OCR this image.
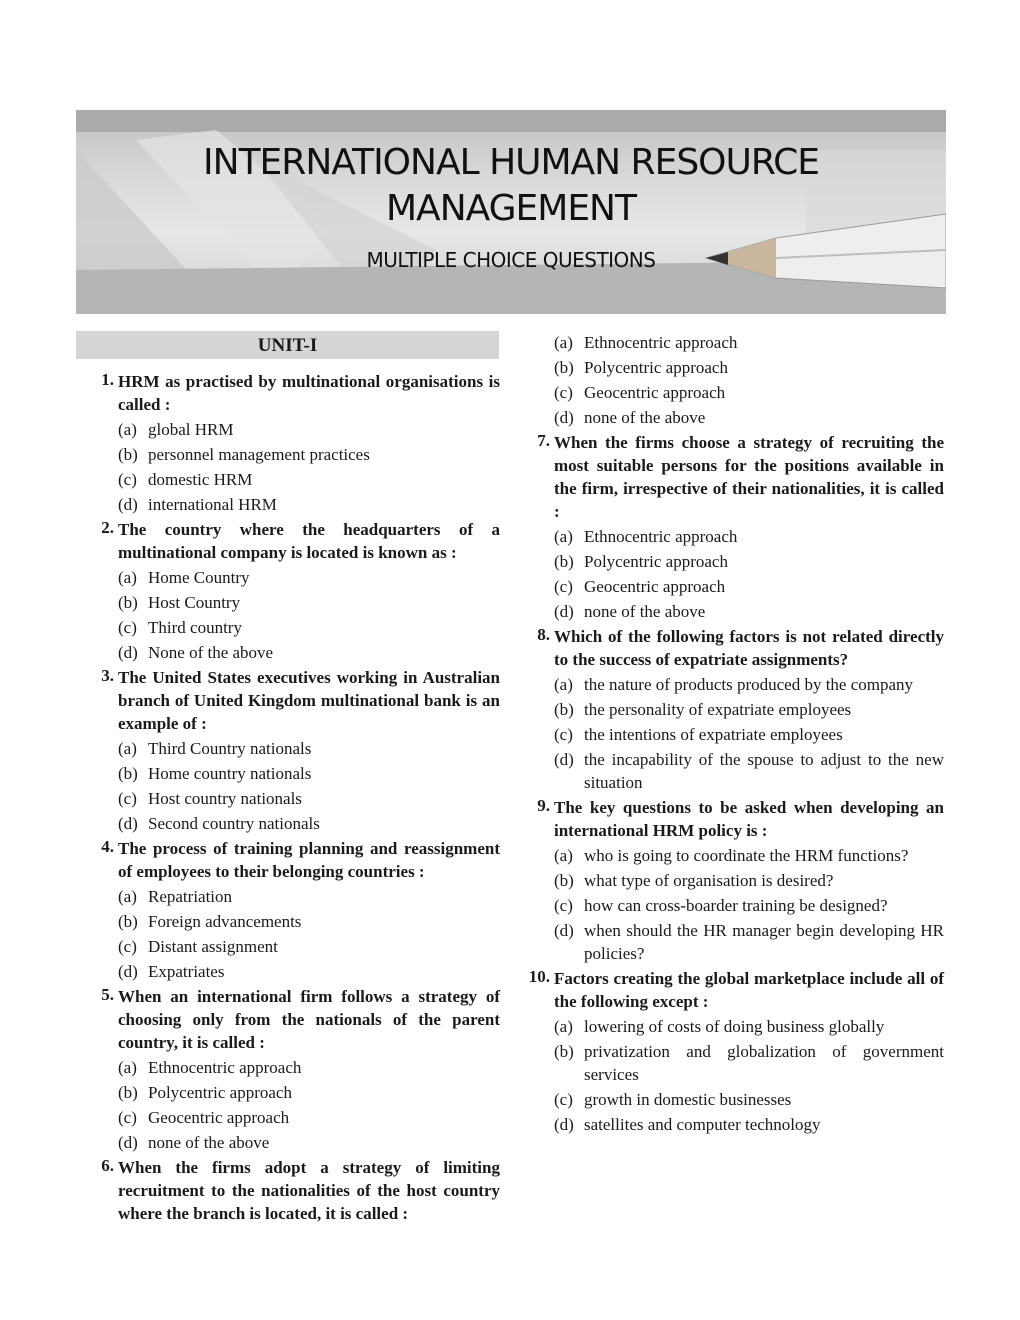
INTERNATIONAL HUMAN RESOURCE
MANAGEMENT
MULTIPLE CHOICE QUESTIONS
UNIT-I
1. HRM as practised by multinational organisations is called :
(a) global HRM
(b) personnel management practices
(c) domestic HRM
(d) international HRM
2. The country where the headquarters of a multinational company is located is known as :
(a) Home Country
(b) Host Country
(c) Third country
(d) None of the above
3. The United States executives working in Australian branch of United Kingdom multinational bank is an example of :
(a) Third Country nationals
(b) Home country nationals
(c) Host country nationals
(d) Second country nationals
4. The process of training planning and reassignment of employees to their belonging countries :
(a) Repatriation
(b) Foreign advancements
(c) Distant assignment
(d) Expatriates
5. When an international firm follows a strategy of choosing only from the nationals of the parent country, it is called :
(a) Ethnocentric approach
(b) Polycentric approach
(c) Geocentric approach
(d) none of the above
6. When the firms adopt a strategy of limiting recruitment to the nationalities of the host country where the branch is located, it is called :
(a) Ethnocentric approach
(b) Polycentric approach
(c) Geocentric approach
(d) none of the above
7. When the firms choose a strategy of recruiting the most suitable persons for the positions available in the firm, irrespective of their nationalities, it is called :
(a) Ethnocentric approach
(b) Polycentric approach
(c) Geocentric approach
(d) none of the above
8. Which of the following factors is not related directly to the success of expatriate assignments?
(a) the nature of products produced by the company
(b) the personality of expatriate employees
(c) the intentions of expatriate employees
(d) the incapability of the spouse to adjust to the new situation
9. The key questions to be asked when developing an international HRM policy is :
(a) who is going to coordinate the HRM functions?
(b) what type of organisation is desired?
(c) how can cross-boarder training be designed?
(d) when should the HR manager begin developing HR policies?
10. Factors creating the global marketplace include all of the following except :
(a) lowering of costs of doing business globally
(b) privatization and globalization of government services
(c) growth in domestic businesses
(d) satellites and computer technology
